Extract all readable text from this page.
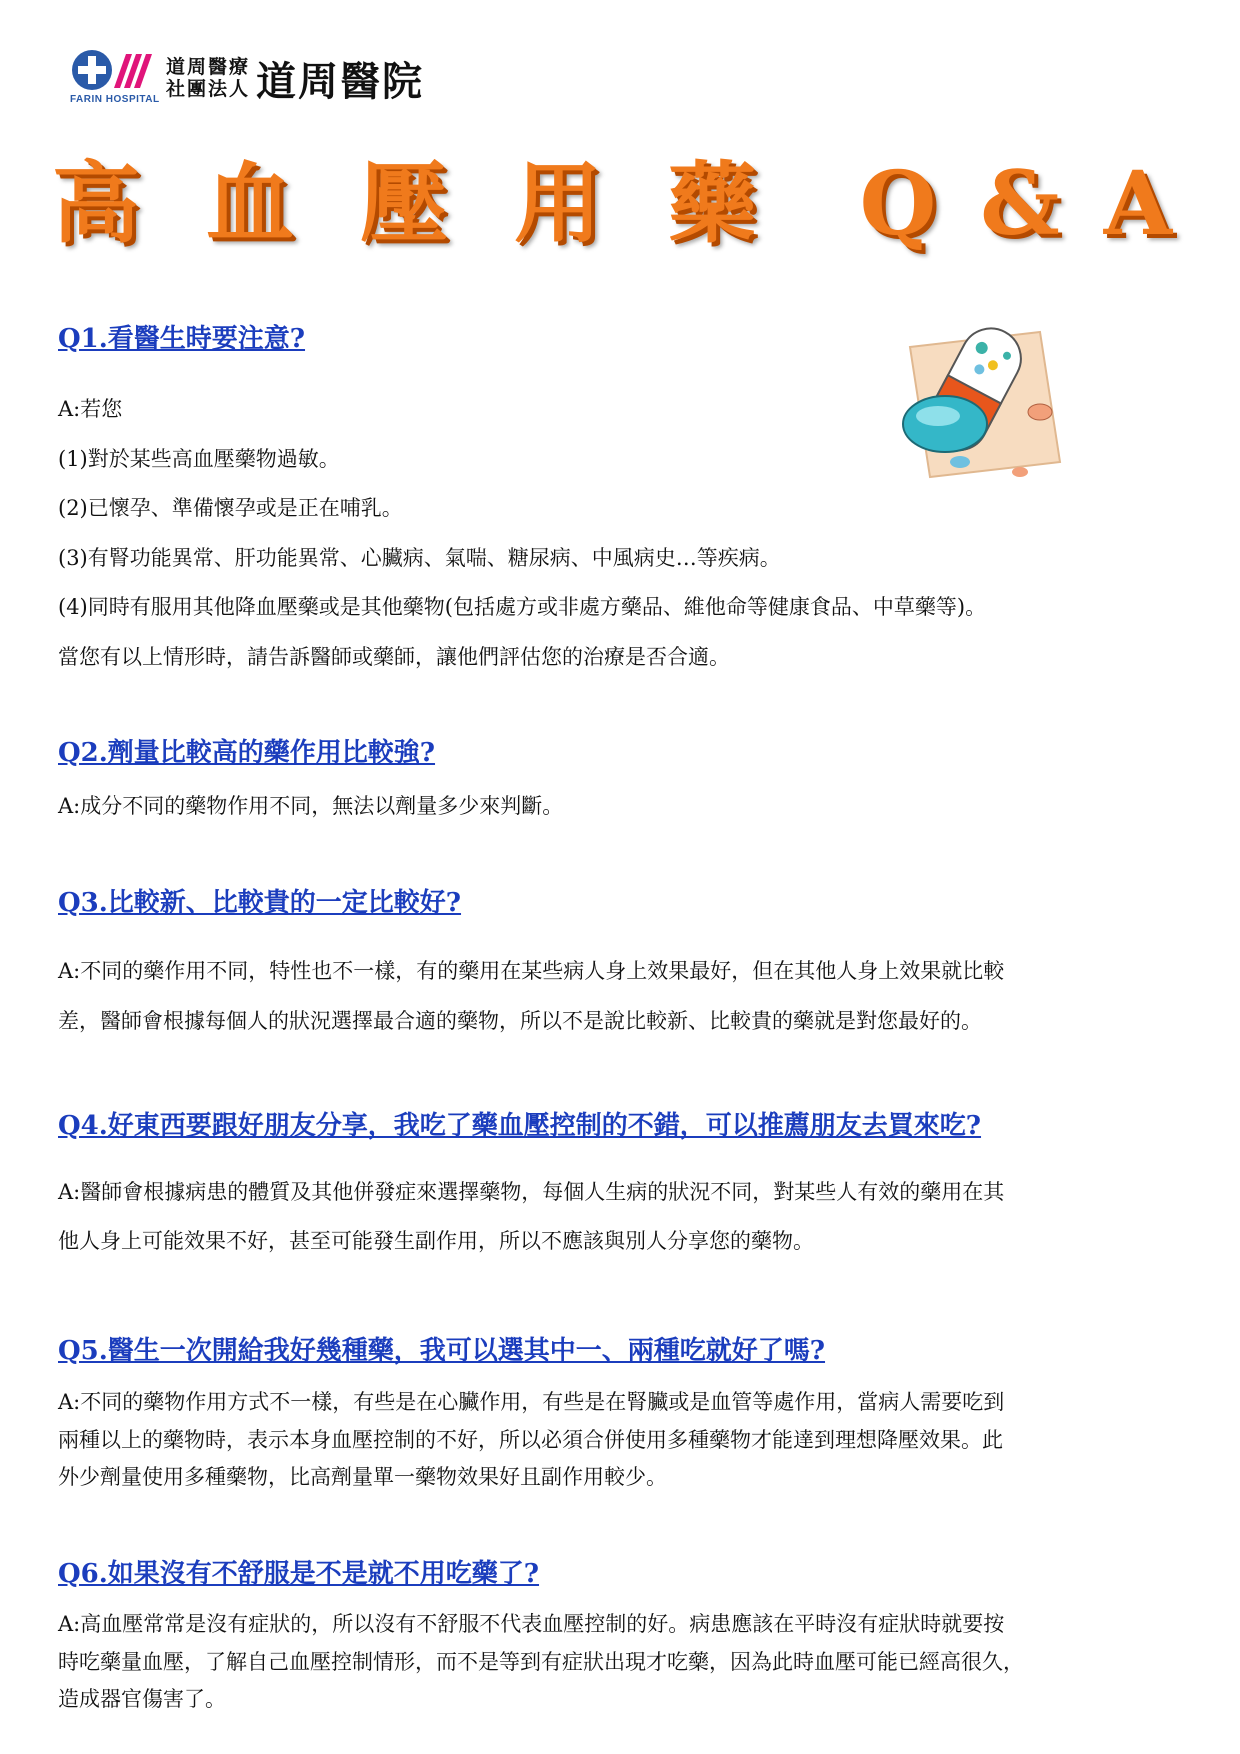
FARIN HOSPITAL
道周醫療
社團法人 道周醫院
高 血 壓 用 藥 Q & A
Q1.看醫生時要注意?
A:若您
(1)對於某些高血壓藥物過敏。
(2)已懷孕、準備懷孕或是正在哺乳。
(3)有腎功能異常、肝功能異常、心臟病、氣喘、糖尿病、中風病史…等疾病。
(4)同時有服用其他降血壓藥或是其他藥物(包括處方或非處方藥品、維他命等健康食品、中草藥等)。
當您有以上情形時，請告訴醫師或藥師，讓他們評估您的治療是否合適。
Q2.劑量比較高的藥作用比較強?
A:成分不同的藥物作用不同，無法以劑量多少來判斷。
Q3.比較新、比較貴的一定比較好?
A:不同的藥作用不同，特性也不一樣，有的藥用在某些病人身上效果最好，但在其他人身上效果就比較
差，醫師會根據每個人的狀況選擇最合適的藥物，所以不是說比較新、比較貴的藥就是對您最好的。
Q4.好東西要跟好朋友分享，我吃了藥血壓控制的不錯，可以推薦朋友去買來吃?
A:醫師會根據病患的體質及其他併發症來選擇藥物，每個人生病的狀況不同，對某些人有效的藥用在其
他人身上可能效果不好，甚至可能發生副作用，所以不應該與別人分享您的藥物。
Q5.醫生一次開給我好幾種藥，我可以選其中一、兩種吃就好了嗎?
A:不同的藥物作用方式不一樣，有些是在心臟作用，有些是在腎臟或是血管等處作用，當病人需要吃到
兩種以上的藥物時，表示本身血壓控制的不好，所以必須合併使用多種藥物才能達到理想降壓效果。此
外少劑量使用多種藥物，比高劑量單一藥物效果好且副作用較少。
Q6.如果沒有不舒服是不是就不用吃藥了?
A:高血壓常常是沒有症狀的，所以沒有不舒服不代表血壓控制的好。病患應該在平時沒有症狀時就要按
時吃藥量血壓，了解自己血壓控制情形，而不是等到有症狀出現才吃藥，因為此時血壓可能已經高很久，
造成器官傷害了。
